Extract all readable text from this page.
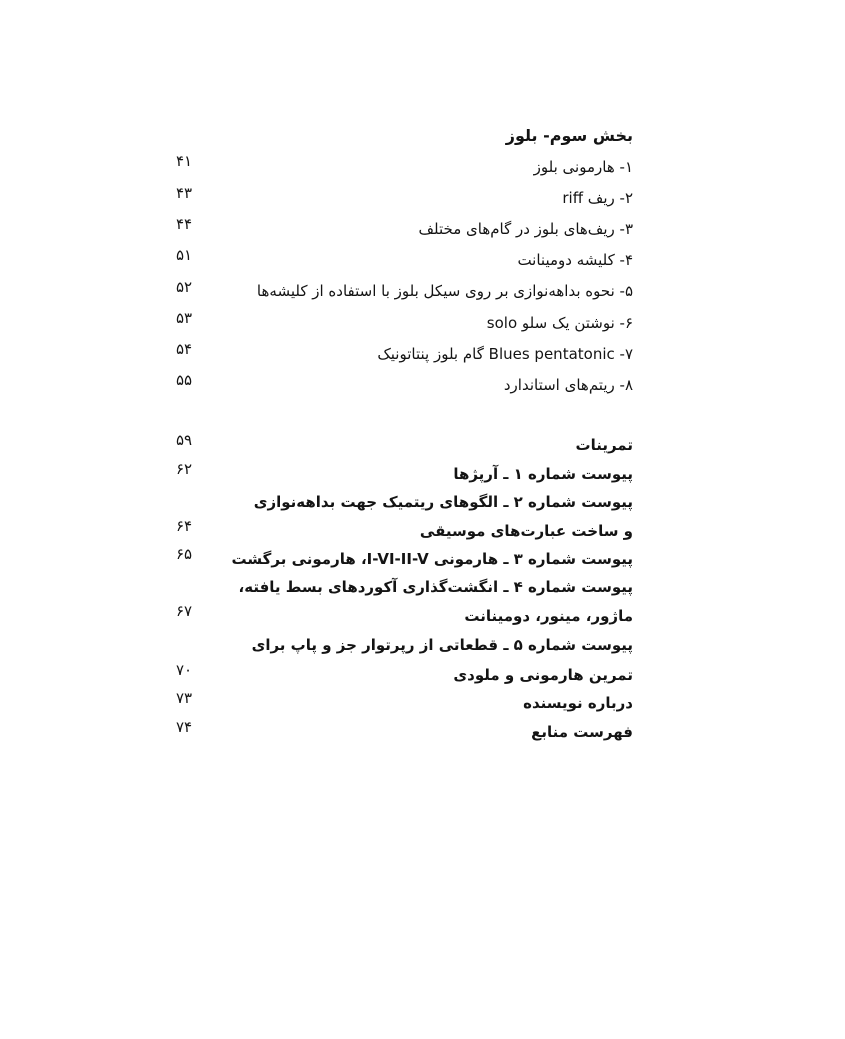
بخش سوم- بلوز
۱- هارمونی بلوز
۴۱
۲- ریف riff
۴۳
۳- ریف‌های بلوز در گام‌های مختلف
۴۴
۴- کلیشه دومینانت
۵۱
۵- نحوه بداهه‌نوازی بر روی سیکل بلوز با استفاده از کلیشه‌ها
۵۲
۶- نوشتن یک سلو solo
۵۳
۷- Blues pentatonic گام بلوز پنتاتونیک
۵۴
۸- ریتم‌های استاندارد
۵۵
تمرینات
۵۹
پیوست شماره ۱ ـ آرپژها
۶۲
پیوست شماره ۲ ـ الگوهای ریتمیک جهت بداهه‌نوازی
و ساخت عبارت‌های موسیقی
۶۴
پیوست شماره ۳ ـ هارمونی I-VI-II-V، هارمونی برگشت
۶۵
پیوست شماره ۴ ـ انگشت‌گذاری آکوردهای بسط یافته،
ماژور، مینور، دومینانت
۶۷
پیوست شماره ۵ ـ قطعاتی از رپرتوار جز و پاپ برای
تمرین هارمونی و ملودی
۷۰
درباره نویسنده
۷۳
فهرست منابع
۷۴
